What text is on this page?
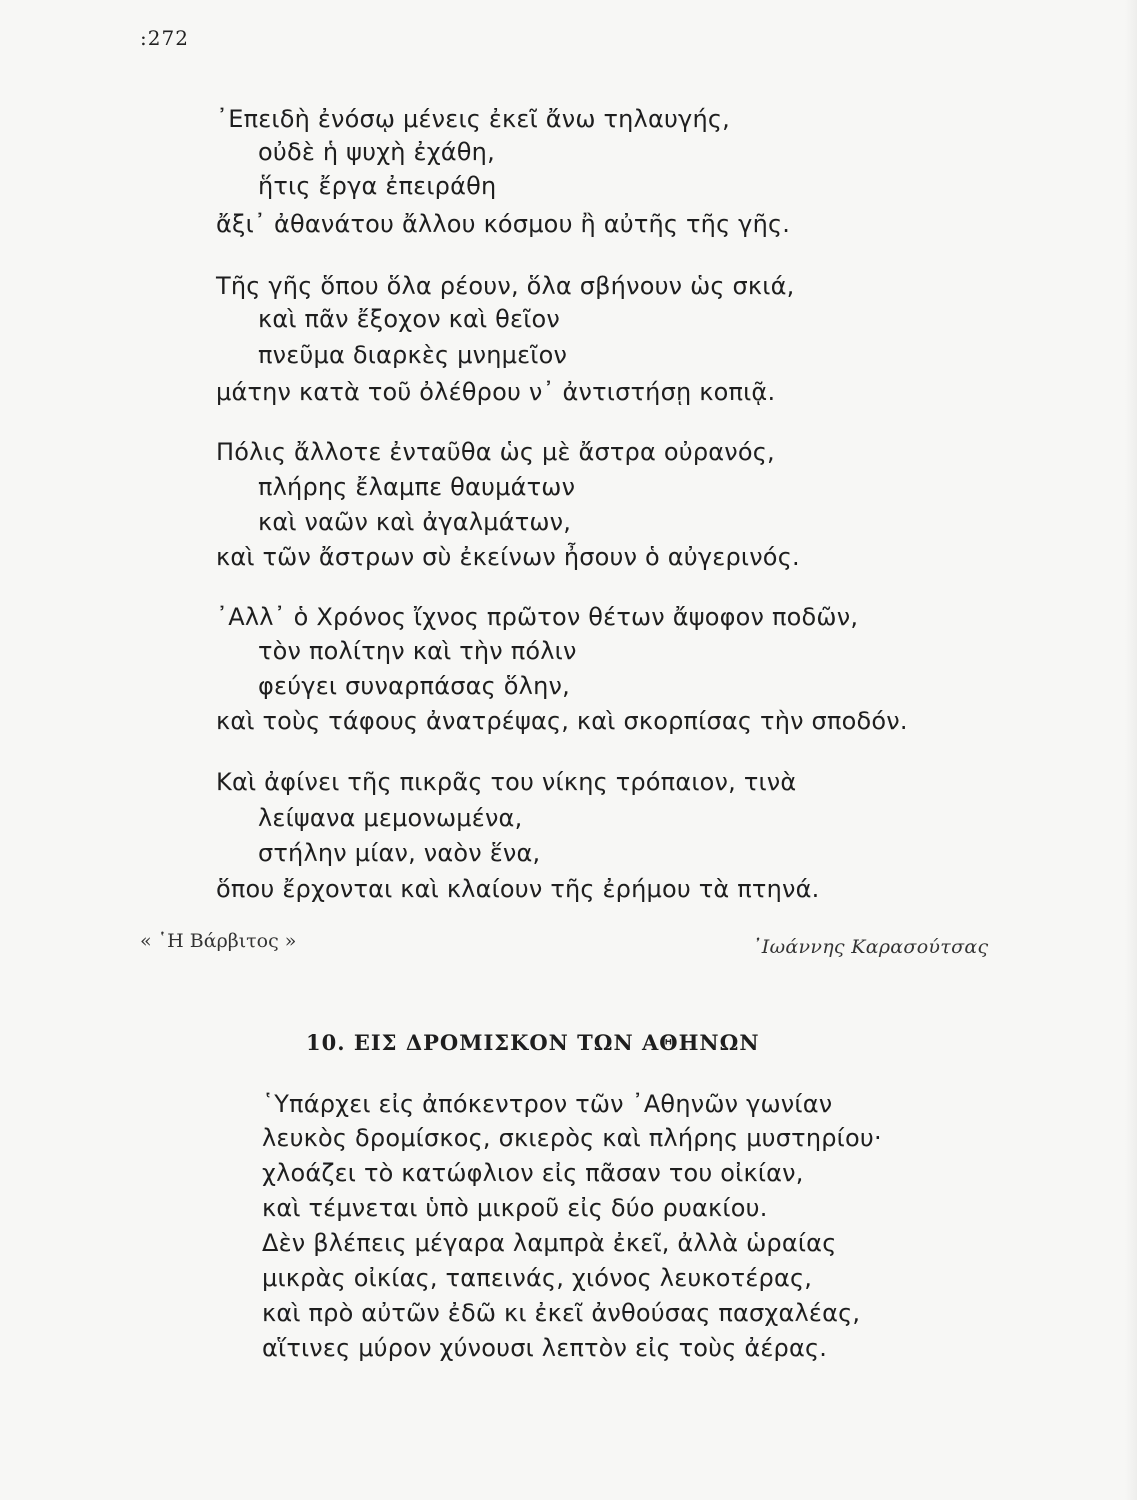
:272
᾿Επειδὴ ἐνόσῳ μένεις ἐκεῖ ἄνω τηλαυγής,
οὐδὲ ἡ ψυχὴ ἐχάθη,
ἥτις ἔργα ἐπειράθη
ἄξι᾿ ἀθανάτου ἄλλου κόσμου ἢ αὐτῆς τῆς γῆς.
Τῆς γῆς ὅπου ὅλα ρέουν, ὅλα σβήνουν ὡς σκιά,
καὶ πᾶν ἔξοχον καὶ θεῖον
πνεῦμα διαρκὲς μνημεῖον
μάτην κατὰ τοῦ ὀλέθρου ν᾿ ἀντιστήσῃ κοπιᾷ.
Πόλις ἄλλοτε ἐνταῦθα ὡς μὲ ἄστρα οὐρανός,
πλήρης ἔλαμπε θαυμάτων
καὶ ναῶν καὶ ἀγαλμάτων,
καὶ τῶν ἄστρων σὺ ἐκείνων ἦσουν ὁ αὐγερινός.
᾿Αλλ᾿ ὁ Χρόνος ἴχνος πρῶτον θέτων ἄψοφον ποδῶν,
τὸν πολίτην καὶ τὴν πόλιν
φεύγει συναρπάσας ὅλην,
καὶ τοὺς τάφους ἀνατρέψας, καὶ σκορπίσας τὴν σποδόν.
Καὶ ἀφίνει τῆς πικρᾶς του νίκης τρόπαιον, τινὰ
λείψανα μεμονωμένα,
στήλην μίαν, ναὸν ἕνα,
ὅπου ἔρχονται καὶ κλαίουν τῆς ἐρήμου τὰ πτηνά.
« ῾Η Βάρβιτος »	᾿Ιωάννης Καρασούτσας
10. ΕΙΣ ΔΡΟΜΙΣΚΟΝ ΤΩΝ ΑΘΗΝΩΝ
῾Υπάρχει εἰς ἀπόκεντρον τῶν ᾿Αθηνῶν γωνίαν
λευκὸς δρομίσκος, σκιερὸς καὶ πλήρης μυστηρίου·
χλοάζει τὸ κατώφλιον εἰς πᾶσαν του οἰκίαν,
καὶ τέμνεται ὑπὸ μικροῦ εἰς δύο ρυακίου.
Δὲν βλέπεις μέγαρα λαμπρὰ ἐκεῖ, ἀλλὰ ὡραίας
μικρὰς οἰκίας, ταπεινάς, χιόνος λευκοτέρας,
καὶ πρὸ αὐτῶν ἐδῶ κι ἐκεῖ ἀνθούσας πασχαλέας,
αἵτινες μύρον χύνουσι λεπτὸν εἰς τοὺς ἀέρας.
